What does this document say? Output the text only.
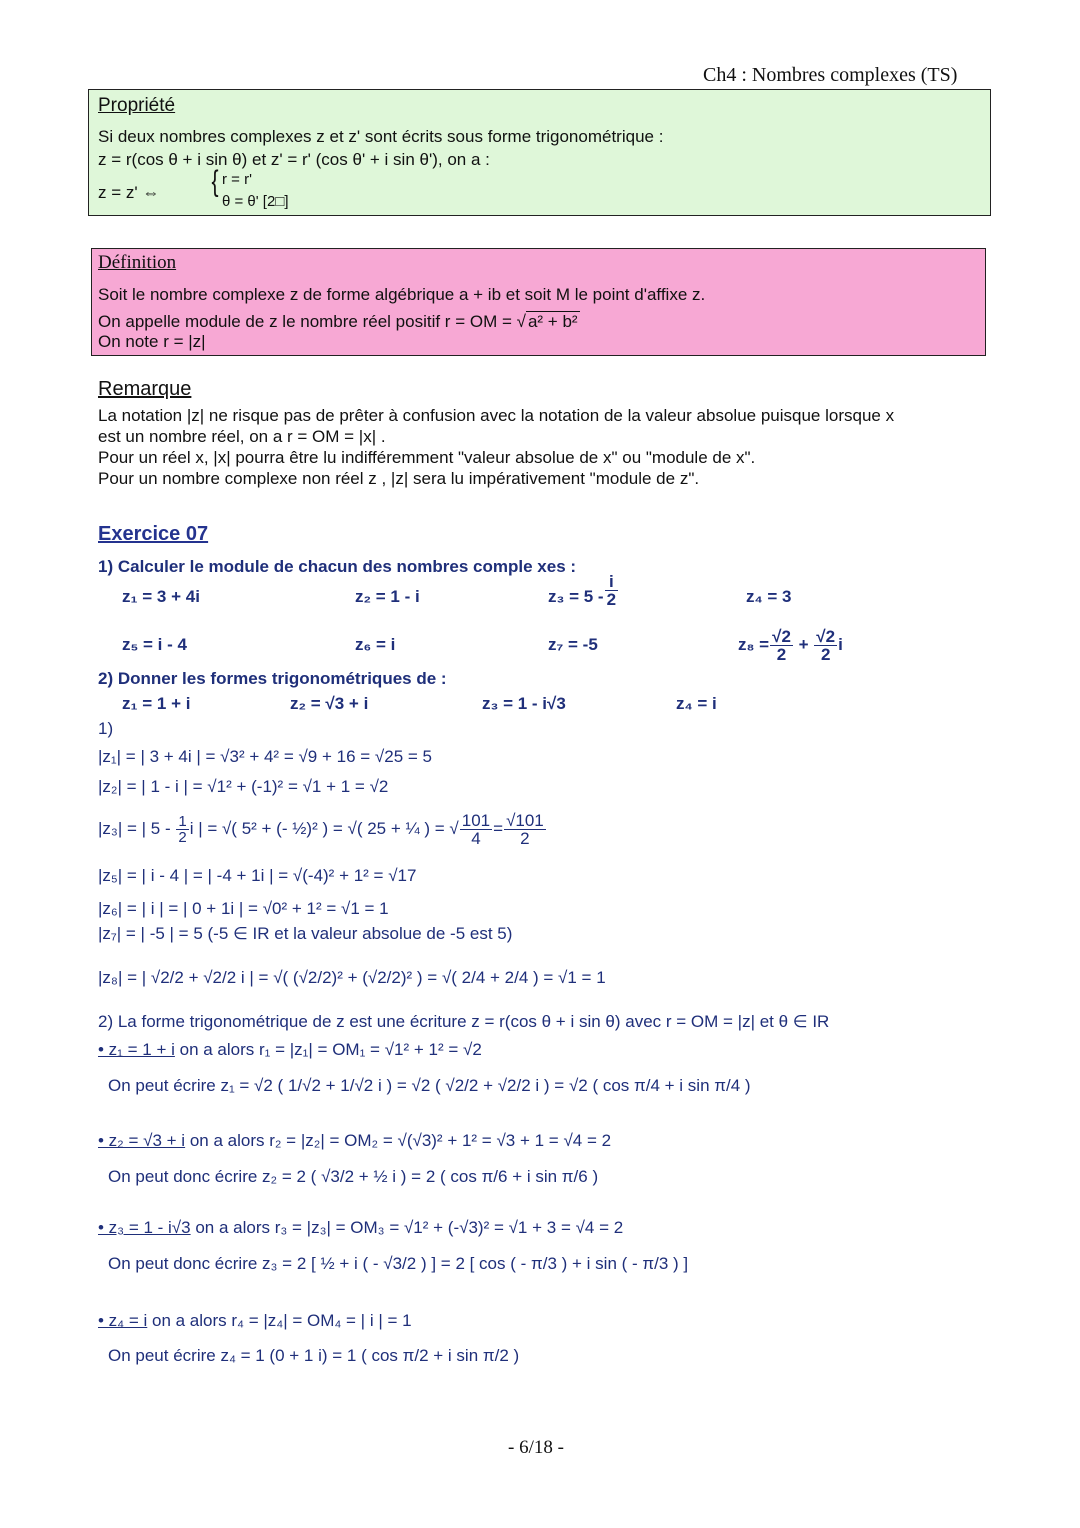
Ch4 : Nombres complexes (TS)
Propriété
Si deux nombres complexes z et z' sont écrits sous forme trigonométrique :
z = r(cos θ + i sin θ) et z' = r' (cos θ' + i sin θ'), on a :
z = z' ⇔ { r = r'
θ = θ' [2□]
Définition
Soit le nombre complexe z de forme algébrique a + ib et soit M le point d'affixe z.
On appelle module de z le nombre réel positif r = OM = √ a² + b²
On note r = |z|
Remarque
La notation |z| ne risque pas de prêter à confusion avec la notation de la valeur absolue puisque lorsque x
est un nombre réel, on a r = OM = |x| .
Pour un réel x, |x| pourra être lu indifféremment "valeur absolue de x" ou "module de x".
Pour un nombre complexe non réel z , |z| sera lu impérativement "module de z".
Exercice 07
1) Calculer le module de chacun des nombres comple xes :
z₁ = 3 + 4i	z₂ = 1 - i	$z_3 = 5 - \frac{i}{2}$	z₄ = 3
z₅ = i - 4	z₆ = i	z₇ = -5	$z_8 = \frac{√2}{2} + \frac{√2}{2}$ i
2) Donner les formes trigonométriques de :
z₁ = 1 + i	z₂ = √3 + i	z₃ = 1 - i√3	z₄ = i
1)
|z₁| = | 3 + 4i | = √3² + 4² = √9 + 16 = √25 = 5
|z₂| = | 1 - i | = √1² + (-1)² = √1 + 1 = √2
|z₃| = | $5 - \frac{1}{2}$ i | = √( 5² + (- ½)² ) = √( 25 + ¼ ) = √ $\frac{101}{4} = \frac{√101}{2}$
|z₅| = | i - 4 | = | -4 + 1i | = √(-4)² + 1² = √17
|z₆| = | i | = | 0 + 1i | = √0² + 1² = √1 = 1
|z₇| = | -5 | = 5 (-5 ∈ IR et la valeur absolue de -5 est 5)
|z₈| = | √2/2 + √2/2 i | = √( (√2/2)² + (√2/2)² ) = √( 2/4 + 2/4 ) = √1 = 1
2) La forme trigonométrique de z est une écriture z = r(cos θ + i sin θ) avec r = OM = |z| et θ ∈ IR
• z₁ = 1 + i on a alors r₁ = |z₁| = OM₁ = √1² + 1² = √2
On peut écrire z₁ = √2 ( 1/√2 + 1/√2 i ) = √2 ( √2/2 + √2/2 i ) = √2 ( cos π/4 + i sin π/4 )
• z₂ = √3 + i on a alors r₂ = |z₂| = OM₂ = √(√3)² + 1² = √3 + 1 = √4 = 2
On peut donc écrire z₂ = 2 ( √3/2 + ½ i ) = 2 ( cos π/6 + i sin π/6 )
• z₃ = 1 - i√3 on a alors r₃ = |z₃| = OM₃ = √1² + (-√3)² = √1 + 3 = √4 = 2
On peut donc écrire z₃ = 2 [ ½ + i ( - √3/2 ) ] = 2 [ cos ( - π/3 ) + i sin ( - π/3 ) ]
• z₄ = i on a alors r₄ = |z₄| = OM₄ = | i | = 1
On peut écrire z₄ = 1 (0 + 1 i) = 1 ( cos π/2 + i sin π/2 )
- 6/18 -
